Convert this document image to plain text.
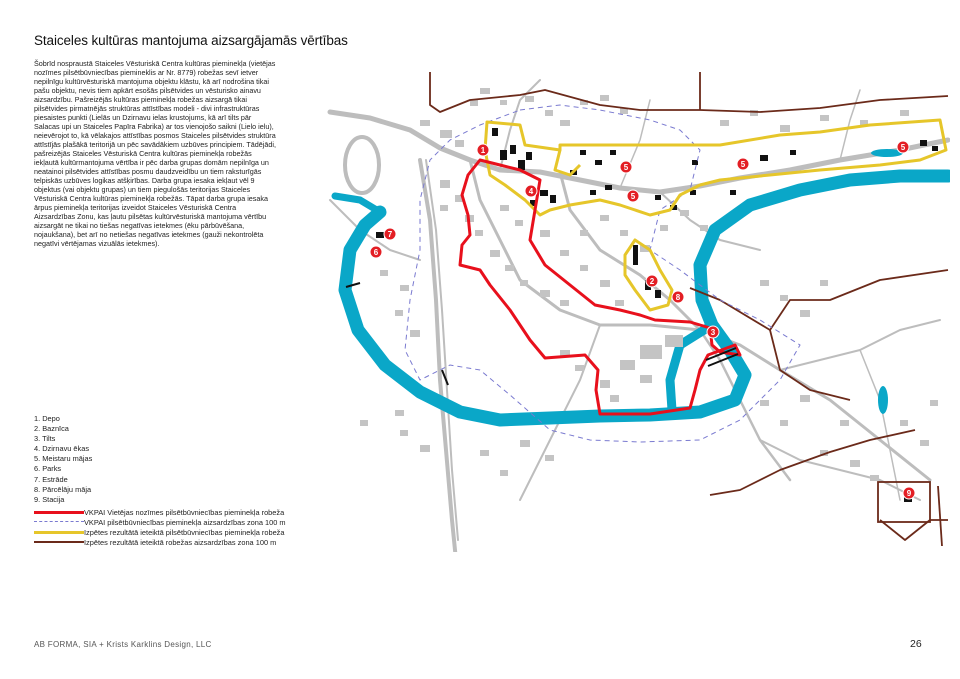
Staiceles kultūras mantojuma aizsargājamās vērtības
Šobrīd nospraustā Staiceles Vēsturiskā Centra kultūras pieminekļa (vietējas nozīmes pilsētbūvniecības piemineklis ar Nr. 8779) robežas sevī ietver nepilnīgu kultūrvēsturiskā mantojuma objektu klāstu, kā arī nodrošina tikai pašu objektu, nevis tiem apkārt esošās pilsētvides un vēsturisko ainavu aizsardzību. Pašreizējās kultūras pieminekļa robežas aizsargā tikai pilsētvides pirmatnējās struktūras attīstības modeli - divi infrastruktūras piesaistes punkti (Lielās un Dzirnavu ielas krustojums, kā arī tilts pār Salacas upi un Staiceles Papīra Fabrika) ar tos vienojošo saikni (Lielo ielu), neievērojot to, kā vēlakajos attīstības posmos Staiceles pilsētvides struktūra attīstījās plašākā teritorijā un pēc savādākiem uzbūves principiem. Tādējādi, pašreizējās Staiceles Vēsturiskā Centra kultūras pieminekļa robežās iekļautā kultūrmantojuma vērtība ir pēc darba grupas domām nepilnīga un neatainoi pilsētvides attīstības posmu daudzveidību un tiem raksturīgās telpiskās uzbūves logikas atšķirības. Darba grupa iesaka iekļaut vēl 9 objektus (vai objektu grupas) un tiem piegulošās teritorijas Staiceles Vēsturiskā Centra kultūras pieminekļa robežās. Tāpat darba grupa iesaka ārpus pieminekļa teritorijas izveidot Staiceles Vēsturiskā Centra Aizsardzības Zonu, kas ļautu pilsētas kultūrvēsturiskā mantojuma vērtību aizsargāt ne tikai no tiešas negatīvas ietekmes (ēku pārbūvēšana, nojaukšana), bet arī no netiešas negatīvas ietekmes (gauži nekontrolēta negatīvi vērtējamas vizuālās ietekmes).
1. Depo
2. Baznīca
3. Tilts
4. Dzirnavu ēkas
5. Meistaru mājas
6. Parks
7. Estrāde
8. Pārcēlāju māja
9. Stacija
VKPAI Vietējas nozīmes pilsētbūvniecības pieminekļa robeža
VKPAI pilsētbūvniecības pieminekļa aizsardzības zona 100 m
Izpētes rezultātā ieteiktā pilsētbūvniecības pieminekļa robeža
Izpētes rezultātā ieteiktā robežas aizsardzības zona 100 m
1
2
3
4
5	5
5
5
6
7
8
9
AB FORMA, SIA + Krists Karklins Design, LLC	26
